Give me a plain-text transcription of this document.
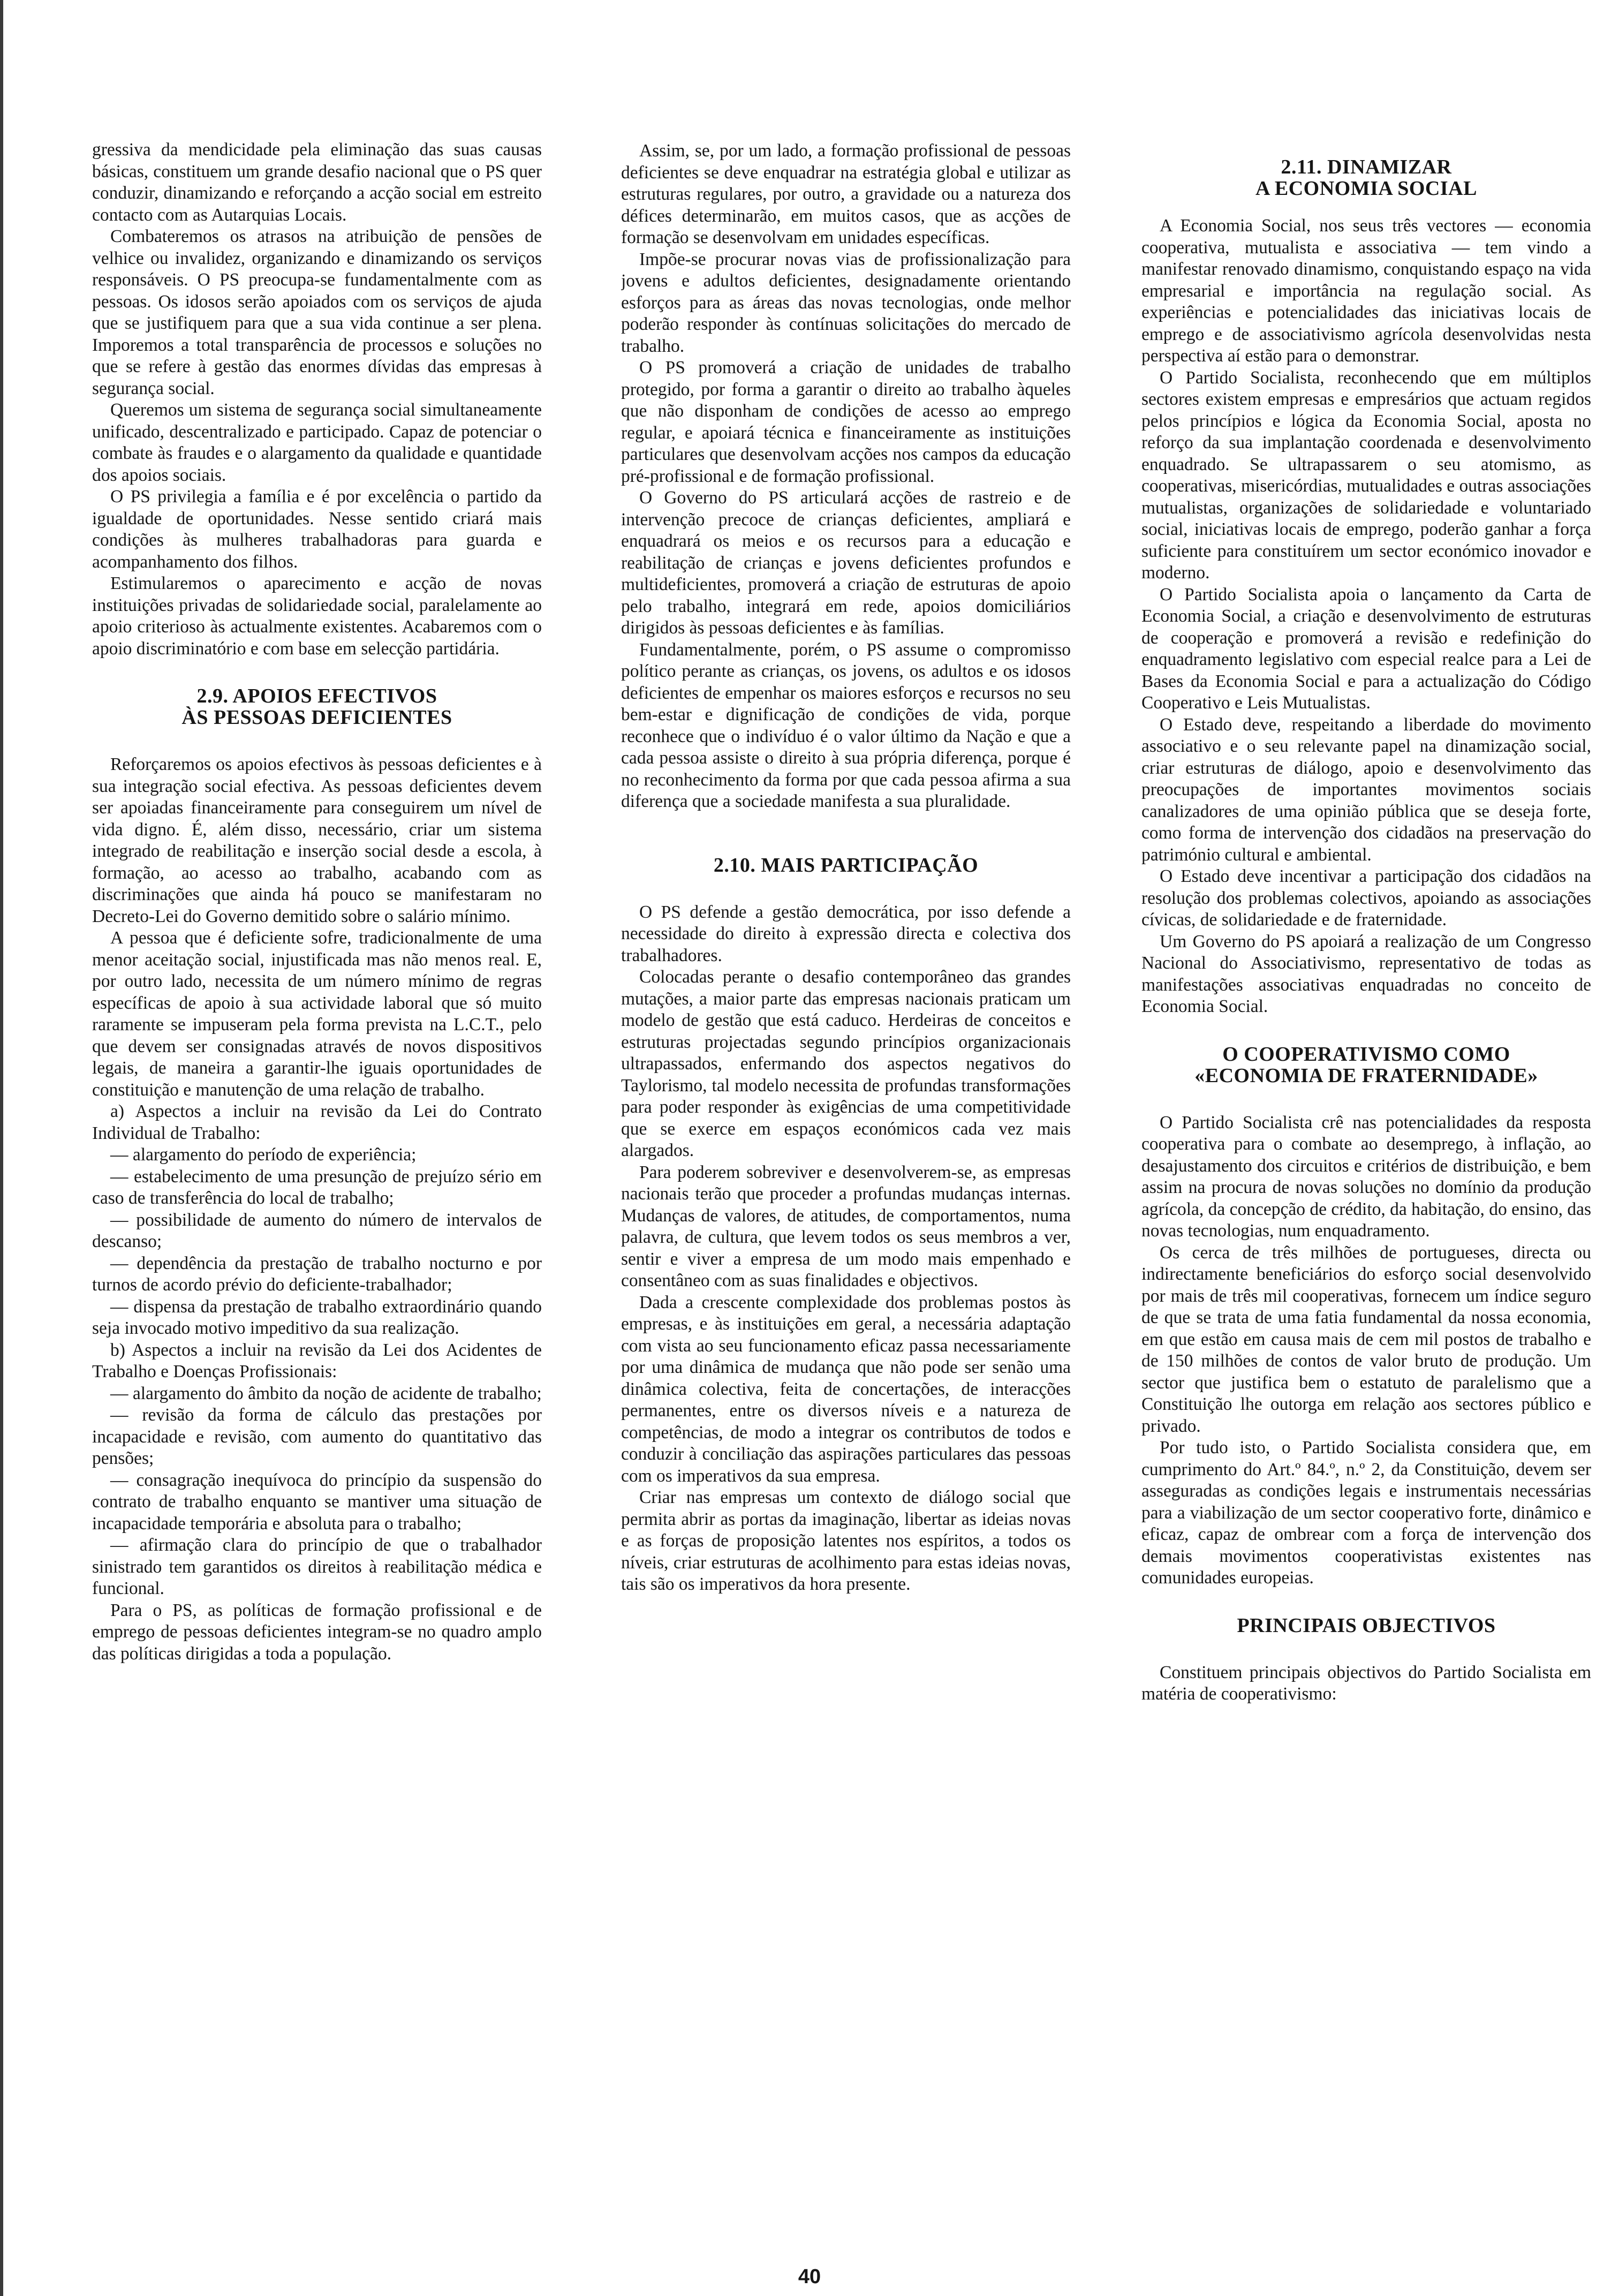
gressiva da mendicidade pela eliminação das suas causas básicas, constituem um grande desafio nacional que o PS quer conduzir, dinamizando e reforçando a acção social em estreito contacto com as Autarquias Locais.

Combateremos os atrasos na atribuição de pensões de velhice ou invalidez, organizando e dinamizando os serviços responsáveis. O PS preocupa-se fundamentalmente com as pessoas. Os idosos serão apoiados com os serviços de ajuda que se justifiquem para que a sua vida continue a ser plena. Imporemos a total transparência de processos e soluções no que se refere à gestão das enormes dívidas das empresas à segurança social.

Queremos um sistema de segurança social simultaneamente unificado, descentralizado e participado. Capaz de potenciar o combate às fraudes e o alargamento da qualidade e quantidade dos apoios sociais.

O PS privilegia a família e é por excelência o partido da igualdade de oportunidades. Nesse sentido criará mais condições às mulheres trabalhadoras para guarda e acompanhamento dos filhos.

Estimularemos o aparecimento e acção de novas instituições privadas de solidariedade social, paralelamente ao apoio criterioso às actualmente existentes. Acabaremos com o apoio discriminatório e com base em selecção partidária.

2.9. APOIOS EFECTIVOS
ÀS PESSOAS DEFICIENTES

Reforçaremos os apoios efectivos às pessoas deficientes e à sua integração social efectiva. As pessoas deficientes devem ser apoiadas financeiramente para conseguirem um nível de vida digno. É, além disso, necessário, criar um sistema integrado de reabilitação e inserção social desde a escola, à formação, ao acesso ao trabalho, acabando com as discriminações que ainda há pouco se manifestaram no Decreto-Lei do Governo demitido sobre o salário mínimo.

A pessoa que é deficiente sofre, tradicionalmente de uma menor aceitação social, injustificada mas não menos real. E, por outro lado, necessita de um número mínimo de regras específicas de apoio à sua actividade laboral que só muito raramente se impuseram pela forma prevista na L.C.T., pelo que devem ser consignadas através de novos dispositivos legais, de maneira a garantir-lhe iguais oportunidades de constituição e manutenção de uma relação de trabalho.

a) Aspectos a incluir na revisão da Lei do Contrato Individual de Trabalho:

— alargamento do período de experiência;

— estabelecimento de uma presunção de prejuízo sério em caso de transferência do local de trabalho;

— possibilidade de aumento do número de intervalos de descanso;

— dependência da prestação de trabalho nocturno e por turnos de acordo prévio do deficiente-trabalhador;

— dispensa da prestação de trabalho extraordinário quando seja invocado motivo impeditivo da sua realização.

b) Aspectos a incluir na revisão da Lei dos Acidentes de Trabalho e Doenças Profissionais:

— alargamento do âmbito da noção de acidente de trabalho;

— revisão da forma de cálculo das prestações por incapacidade e revisão, com aumento do quantitativo das pensões;

— consagração inequívoca do princípio da suspensão do contrato de trabalho enquanto se mantiver uma situação de incapacidade temporária e absoluta para o trabalho;

— afirmação clara do princípio de que o trabalhador sinistrado tem garantidos os direitos à reabilitação médica e funcional.

Para o PS, as políticas de formação profissional e de emprego de pessoas deficientes integram-se no quadro amplo das políticas dirigidas a toda a população.

Assim, se, por um lado, a formação profissional de pessoas deficientes se deve enquadrar na estratégia global e utilizar as estruturas regulares, por outro, a gravidade ou a natureza dos défices determinarão, em muitos casos, que as acções de formação se desenvolvam em unidades específicas.

Impõe-se procurar novas vias de profissionalização para jovens e adultos deficientes, designadamente orientando esforços para as áreas das novas tecnologias, onde melhor poderão responder às contínuas solicitações do mercado de trabalho.

O PS promoverá a criação de unidades de trabalho protegido, por forma a garantir o direito ao trabalho àqueles que não disponham de condições de acesso ao emprego regular, e apoiará técnica e financeiramente as instituições particulares que desenvolvam acções nos campos da educação pré-profissional e de formação profissional.

O Governo do PS articulará acções de rastreio e de intervenção precoce de crianças deficientes, ampliará e enquadrará os meios e os recursos para a educação e reabilitação de crianças e jovens deficientes profundos e multideficientes, promoverá a criação de estruturas de apoio pelo trabalho, integrará em rede, apoios domiciliários dirigidos às pessoas deficientes e às famílias.

Fundamentalmente, porém, o PS assume o compromisso político perante as crianças, os jovens, os adultos e os idosos deficientes de empenhar os maiores esforços e recursos no seu bem-estar e dignificação de condições de vida, porque reconhece que o indivíduo é o valor último da Nação e que a cada pessoa assiste o direito à sua própria diferença, porque é no reconhecimento da forma por que cada pessoa afirma a sua diferença que a sociedade manifesta a sua pluralidade.

2.10. MAIS PARTICIPAÇÃO

O PS defende a gestão democrática, por isso defende a necessidade do direito à expressão directa e colectiva dos trabalhadores.

Colocadas perante o desafio contemporâneo das grandes mutações, a maior parte das empresas nacionais praticam um modelo de gestão que está caduco. Herdeiras de conceitos e estruturas projectadas segundo princípios organizacionais ultrapassados, enfermando dos aspectos negativos do Taylorismo, tal modelo necessita de profundas transformações para poder responder às exigências de uma competitividade que se exerce em espaços económicos cada vez mais alargados.

Para poderem sobreviver e desenvolverem-se, as empresas nacionais terão que proceder a profundas mudanças internas. Mudanças de valores, de atitudes, de comportamentos, numa palavra, de cultura, que levem todos os seus membros a ver, sentir e viver a empresa de um modo mais empenhado e consentâneo com as suas finalidades e objectivos.

Dada a crescente complexidade dos problemas postos às empresas, e às instituições em geral, a necessária adaptação com vista ao seu funcionamento eficaz passa necessariamente por uma dinâmica de mudança que não pode ser senão uma dinâmica colectiva, feita de concertações, de interacções permanentes, entre os diversos níveis e a natureza de competências, de modo a integrar os contributos de todos e conduzir à conciliação das aspirações particulares das pessoas com os imperativos da sua empresa.

Criar nas empresas um contexto de diálogo social que permita abrir as portas da imaginação, libertar as ideias novas e as forças de proposição latentes nos espíritos, a todos os níveis, criar estruturas de acolhimento para estas ideias novas, tais são os imperativos da hora presente.

2.11. DINAMIZAR
A ECONOMIA SOCIAL

A Economia Social, nos seus três vectores — economia cooperativa, mutualista e associativa — tem vindo a manifestar renovado dinamismo, conquistando espaço na vida empresarial e importância na regulação social. As experiências e potencialidades das iniciativas locais de emprego e de associativismo agrícola desenvolvidas nesta perspectiva aí estão para o demonstrar.

O Partido Socialista, reconhecendo que em múltiplos sectores existem empresas e empresários que actuam regidos pelos princípios e lógica da Economia Social, aposta no reforço da sua implantação coordenada e desenvolvimento enquadrado. Se ultrapassarem o seu atomismo, as cooperativas, misericórdias, mutualidades e outras associações mutualistas, organizações de solidariedade e voluntariado social, iniciativas locais de emprego, poderão ganhar a força suficiente para constituírem um sector económico inovador e moderno.

O Partido Socialista apoia o lançamento da Carta de Economia Social, a criação e desenvolvimento de estruturas de cooperação e promoverá a revisão e redefinição do enquadramento legislativo com especial realce para a Lei de Bases da Economia Social e para a actualização do Código Cooperativo e Leis Mutualistas.

O Estado deve, respeitando a liberdade do movimento associativo e o seu relevante papel na dinamização social, criar estruturas de diálogo, apoio e desenvolvimento das preocupações de importantes movimentos sociais canalizadores de uma opinião pública que se deseja forte, como forma de intervenção dos cidadãos na preservação do património cultural e ambiental.

O Estado deve incentivar a participação dos cidadãos na resolução dos problemas colectivos, apoiando as associações cívicas, de solidariedade e de fraternidade.

Um Governo do PS apoiará a realização de um Congresso Nacional do Associativismo, representativo de todas as manifestações associativas enquadradas no conceito de Economia Social.

O COOPERATIVISMO COMO
«ECONOMIA DE FRATERNIDADE»

O Partido Socialista crê nas potencialidades da resposta cooperativa para o combate ao desemprego, à inflação, ao desajustamento dos circuitos e critérios de distribuição, e bem assim na procura de novas soluções no domínio da produção agrícola, da concepção de crédito, da habitação, do ensino, das novas tecnologias, num enquadramento.

Os cerca de três milhões de portugueses, directa ou indirectamente beneficiários do esforço social desenvolvido por mais de três mil cooperativas, fornecem um índice seguro de que se trata de uma fatia fundamental da nossa economia, em que estão em causa mais de cem mil postos de trabalho e de 150 milhões de contos de valor bruto de produção. Um sector que justifica bem o estatuto de paralelismo que a Constituição lhe outorga em relação aos sectores público e privado.

Por tudo isto, o Partido Socialista considera que, em cumprimento do Art.º 84.º, n.º 2, da Constituição, devem ser asseguradas as condições legais e instrumentais necessárias para a viabilização de um sector cooperativo forte, dinâmico e eficaz, capaz de ombrear com a força de intervenção dos demais movimentos cooperativistas existentes nas comunidades europeias.

PRINCIPAIS OBJECTIVOS

Constituem principais objectivos do Partido Socialista em matéria de cooperativismo:

40
